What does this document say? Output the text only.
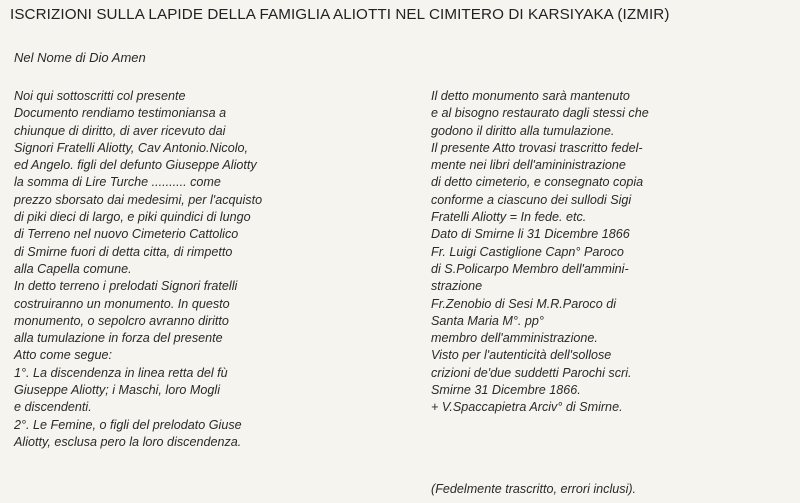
ISCRIZIONI SULLA LAPIDE DELLA FAMIGLIA ALIOTTI NEL CIMITERO DI KARSIYAKA (IZMIR)
Nel Nome di Dio Amen
Noi qui sottoscritti col presente
Documento rendiamo testimoniansa a
chiunque di diritto, di aver ricevuto dai
Signori Fratelli Aliotty, Cav Antonio.Nicolo,
ed Angelo. figli del defunto Giuseppe Aliotty
la somma di Lire Turche .......... come
prezzo sborsato dai medesimi, per l'acquisto
di piki dieci di largo, e piki quindici di lungo
di Terreno nel nuovo Cimeterio Cattolico
di Smirne fuori di detta citta, di rimpetto
alla Capella comune.
In detto terreno i prelodati Signori fratelli
costruiranno un monumento. In questo
monumento, o sepolcro avranno diritto
alla tumulazione in forza del presente
Atto come segue:
1°. La discendenza in linea retta del fù
Giuseppe Aliotty; i Maschi, loro Mogli
e discendenti.
2°. Le Femine, o figli del prelodato Giuse
Aliotty, esclusa pero la loro discendenza.
Il detto monumento sarà mantenuto
e al bisogno restaurato dagli stessi che
godono il diritto alla tumulazione.
Il presente Atto trovasi trascritto fedel-
mente nei libri dell'amininistrazione
di detto cimeterio, e consegnato copia
conforme a ciascuno dei sullodi Sigi
Fratelli Aliotty = In fede. etc.
Dato di Smirne li 31 Dicembre 1866
Fr. Luigi Castiglione Capn° Paroco
di S.Policarpo Membro dell'ammini-
strazione
Fr.Zenobio di Sesi M.R.Paroco di
Santa Maria M°. pp°
membro dell'amministrazione.
Visto per l'autenticità dell'sollose
crizioni de'due suddetti Parochi scri.
Smirne 31 Dicembre 1866.
+ V.Spaccapietra Arciv° di Smirne.
(Fedelmente trascritto, errori inclusi).
